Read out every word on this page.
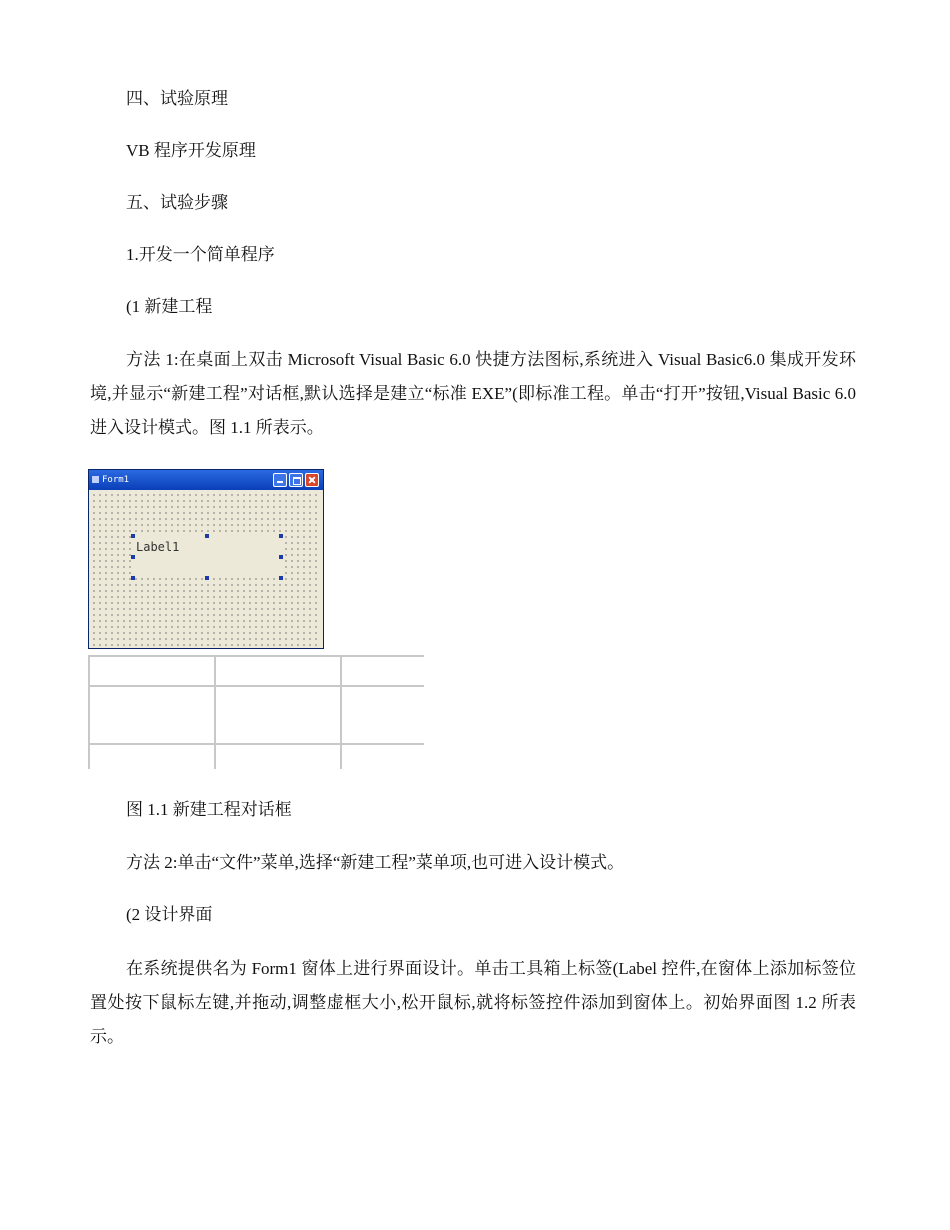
四、试验原理

VB 程序开发原理

五、试验步骤

1.开发一个简单程序

(1 新建工程

方法 1:在桌面上双击 Microsoft Visual Basic 6.0 快捷方法图标,系统进入 Visual Basic6.0 集成开发环境,并显示“新建工程”对话框,默认选择是建立“标准 EXE”(即标准工程。单击“打开”按钮,Visual Basic 6.0 进入设计模式。图 1.1 所表示。

Form1
Label1

图 1.1 新建工程对话框

方法 2:单击“文件”菜单,选择“新建工程”菜单项,也可进入设计模式。

(2 设计界面

在系统提供名为 Form1 窗体上进行界面设计。单击工具箱上标签(Label 控件,在窗体上添加标签位置处按下鼠标左键,并拖动,调整虚框大小,松开鼠标,就将标签控件添加到窗体上。初始界面图 1.2 所表示。
